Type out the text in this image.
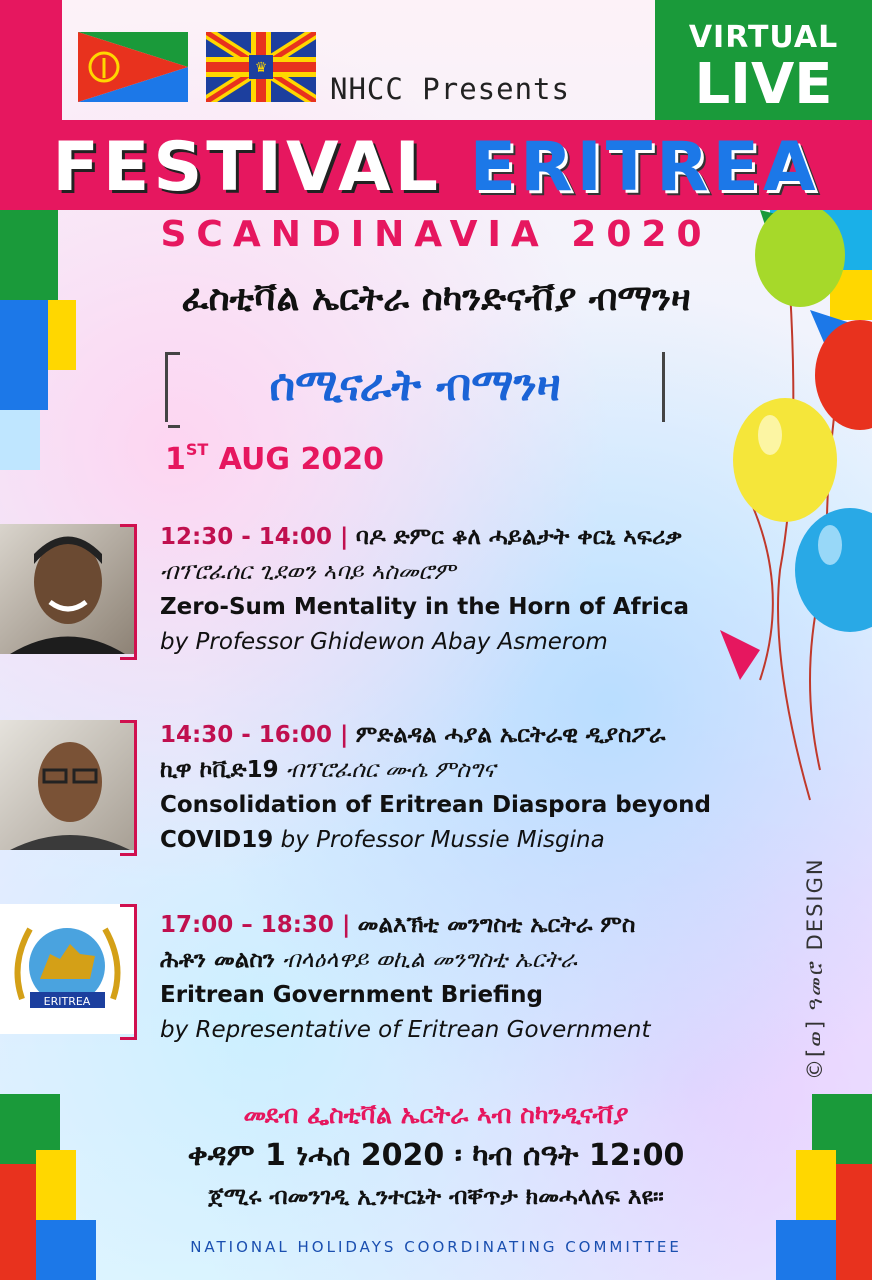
♛
NHCC Presents
VIRTUAL
LIVE
FESTIVAL ERITREA
SCANDINAVIA 2020
ፈስቲቫል ኤርትራ ስካንድናቭያ ብማንዛ
ሰሚናራት ብማንዛ
1ST AUG 2020
12:30 - 14:00 | ባዶ ድምር ቆለ ሓይልታት ቀርኒ ኣፍሪቃ
ብፕሮፈሰር ጊደወን ኣባይ ኣስመሮም
Zero-Sum Mentality in the Horn of Africa
by Professor Ghidewon Abay Asmerom
14:30 - 16:00 | ምድልዳል ሓያል ኤርትራዊ ዲያስፖራ
ኪዋ ኮቪድ19 ብፕሮፈሰር ሙሴ ምስግና
Consolidation of Eritrean Diaspora beyond
COVID19 by Professor Mussie Misgina
ERITREA
17:00 – 18:30 | መልእኽቲ መንግስቲ ኤርትራ ምስ
ሕቶን መልስን ብላዕላዋይ ወኪል መንግስቲ ኤርትራ
Eritrean Government Briefing
by Representative of Eritrean Government	©[ወ] ዓመሮ DESIGN
መደብ ፌስቲቫል ኤርትራ ኣብ ስካንዲናቭያ
ቀዳም 1 ነሓሰ 2020 ፡ ካብ ሰዓት 12:00
ጀሚሩ ብመንገዲ ኢንተርኔት ብቐጥታ ክመሓላለፍ እዩ።
NATIONAL HOLIDAYS COORDINATING COMMITTEE
